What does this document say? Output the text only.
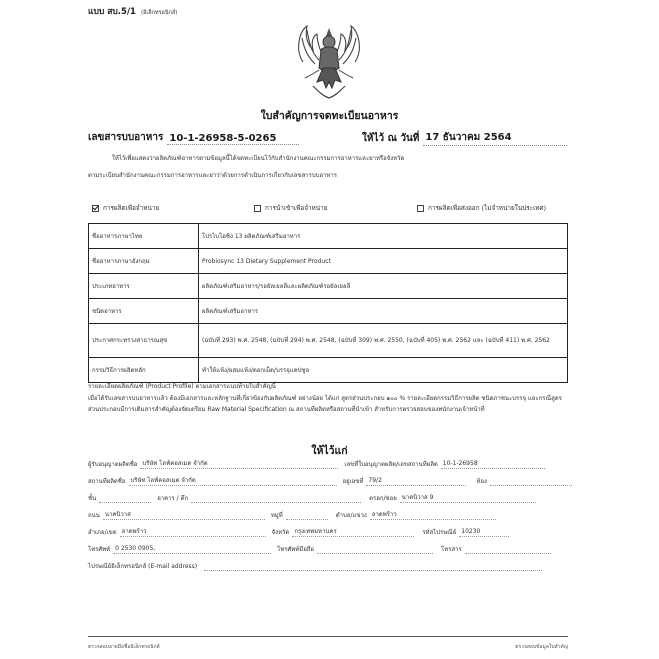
แบบ สบ.5/1 (อิเล็กทรอนิกส์)
ใบสำคัญการจดทะเบียนอาหาร
เลขสารบบอาหาร 10-1-26958-5-0265	ให้ไว้ ณ วันที่ 17 ธันวาคม 2564
ให้ไว้เพื่อแสดงว่าผลิตภัณฑ์อาหารตามข้อมูลนี้ได้จดทะเบียนไว้กับสำนักงานคณะกรรมการอาหารและยาหรือจังหวัด
ตามระเบียบสำนักงานคณะกรรมการอาหารและยาว่าด้วยการดำเนินการเกี่ยวกับเลขสารบบอาหาร
การผลิตเพื่อจำหน่าย	การนำเข้าเพื่อจำหน่าย	การผลิตเพื่อส่งออก (ไม่จำหน่ายในประเทศ)
ชื่ออาหารภาษาไทย	โปรไบโอซิง 13 ผลิตภัณฑ์เสริมอาหาร
ชื่ออาหารภาษาอังกฤษ	Probiosync 13 Dietary Supplement Product
ประเภทอาหาร	ผลิตภัณฑ์เสริมอาหาร/รอยัลเยลลีและผลิตภัณฑ์รอยัลเยลลี
ชนิดอาหาร	ผลิตภัณฑ์เสริมอาหาร
ประกาศกระทรวงสาธารณสุข	(ฉบับที่ 293) พ.ศ. 2548, (ฉบับที่ 294) พ.ศ. 2548, (ฉบับที่ 309) พ.ศ. 2550, (ฉบับที่ 405) พ.ศ. 2562 และ (ฉบับที่ 411) พ.ศ. 2562
กรรมวิธีการผลิตหลัก	ทำให้แห้ง/ผสมแห้ง/ตอกเม็ด/บรรจุแคปซูล
รายละเอียดผลิตภัณฑ์ (Product Profile) ตามเอกสารแนบท้ายใบสำคัญนี้
เมื่อได้รับเลขสารบบอาหารแล้ว ต้องมีเอกสารและหลักฐานที่เกี่ยวข้องกับผลิตภัณฑ์ อย่างน้อย ได้แก่ สูตรส่วนประกอบ ๑๐๐ % รายละเอียดกรรมวิธีการผลิต ชนิดภาชนะบรรจุ และกรณีสูตรส่วนประกอบมีการเติมสารสำคัญต้องจัดเตรียม Raw Material Specification ณ สถานที่ผลิตหรือสถานที่นำเข้า สำหรับการตรวจสอบของพนักงานเจ้าหน้าที่
ให้ไว้แก่
ผู้รับอนุญาตผลิตชื่อ บริษัท ไลฟ์คอสเมด จำกัด	เลขที่ใบอนุญาตผลิต/เลขสถานที่ผลิต 10-1-26958
สถานที่ผลิตชื่อ บริษัท ไลฟ์คอสเมด จำกัด	อยู่เลขที่ 79/2	ห้อง
ชั้น	อาคาร / ตึก	ตรอก/ซอย นาคนิวาส 9
ถนน นาคนิวาส	หมู่ที่	ตำบล/แขวง ลาดพร้าว
อำเภอ/เขต ลาดพร้าว	จังหวัด กรุงเทพมหานคร	รหัสไปรษณีย์ 10230
โทรศัพท์ 0 2530 0905,	โทรศัพท์มือถือ	โทรสาร
ไปรษณีย์อิเล็กทรอนิกส์ (E-mail address)
ตรวจสอบลายมือชื่ออิเล็กทรอนิกส์	ตรวจสอบข้อมูลใบสำคัญ
